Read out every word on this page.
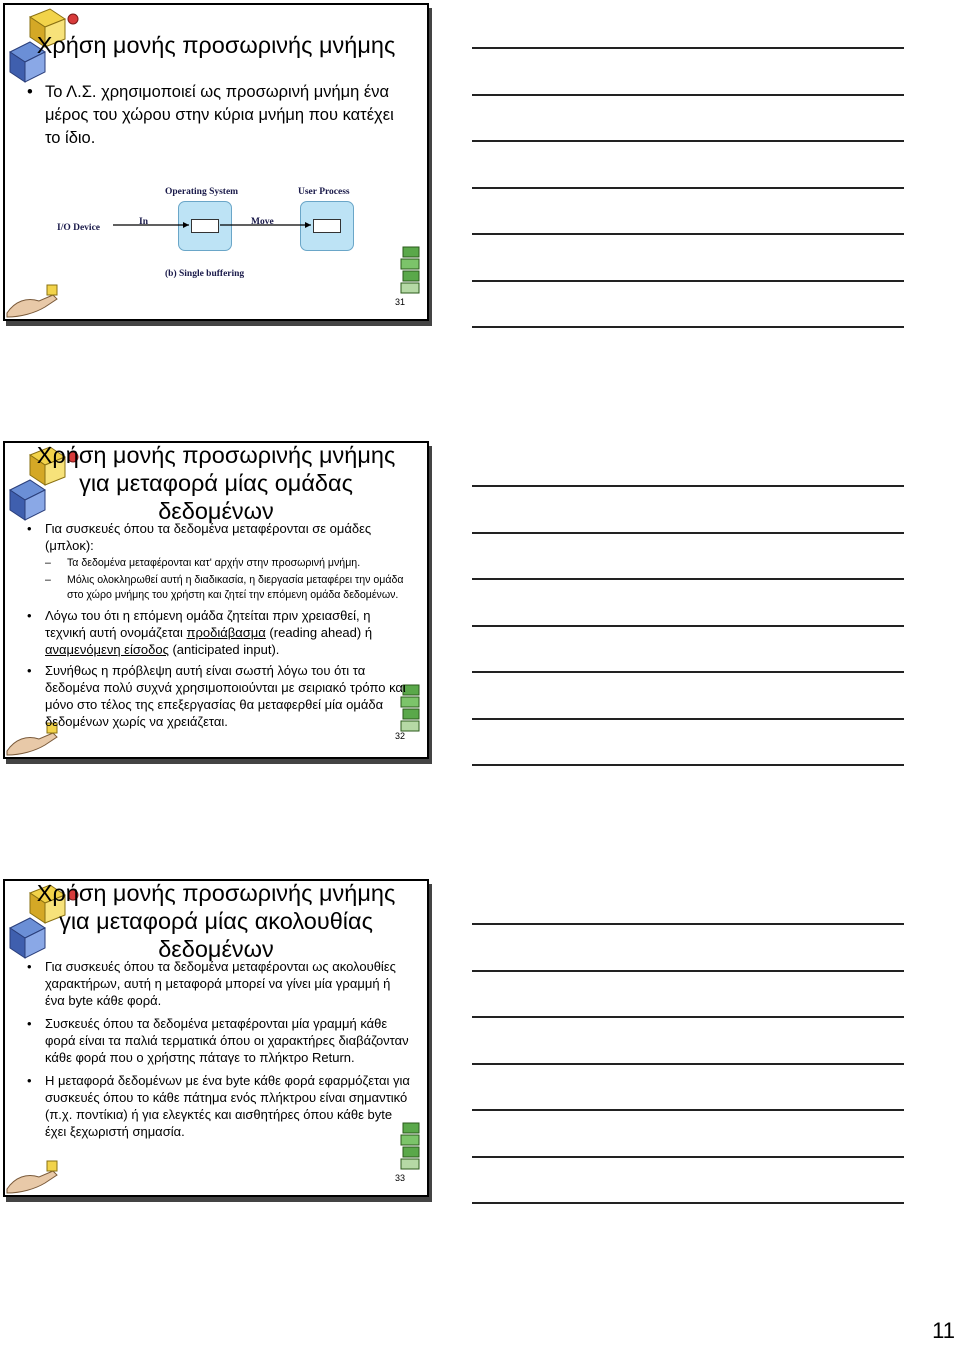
Χρήση μονής προσωρινής μνήμης
• Το Λ.Σ. χρησιμοποιεί ως προσωρινή μνήμη ένα μέρος του χώρου στην κύρια μνήμη που κατέχει το ίδιο.
Operating System	User Process
I/O Device
In	Move
(b) Single buffering
31
Χρήση μονής προσωρινής μνήμης
για μεταφορά μίας ομάδας
δεδομένων
• Για συσκευές όπου τα δεδομένα μεταφέρονται σε ομάδες (μπλοκ):
– Τα δεδομένα μεταφέρονται κατ' αρχήν στην προσωρινή μνήμη.
– Μόλις ολοκληρωθεί αυτή η διαδικασία, η διεργασία μεταφέρει την ομάδα στο χώρο μνήμης του χρήστη και ζητεί την επόμενη ομάδα δεδομένων.
• Λόγω του ότι η επόμενη ομάδα ζητείται πριν χρειασθεί, η τεχνική αυτή ονομάζεται προδιάβασμα (reading ahead) ή αναμενόμενη είσοδος (anticipated input).
• Συνήθως η πρόβλεψη αυτή είναι σωστή λόγω του ότι τα δεδομένα πολύ συχνά χρησιμοποιούνται με σειριακό τρόπο και μόνο στο τέλος της επεξεργασίας θα μεταφερθεί μία ομάδα δεδομένων χωρίς να χρειάζεται.
32
Χρήση μονής προσωρινής μνήμης
για μεταφορά μίας ακολουθίας
δεδομένων
• Για συσκευές όπου τα δεδομένα μεταφέρονται ως ακολουθίες χαρακτήρων, αυτή η μεταφορά μπορεί να γίνει μία γραμμή ή ένα byte κάθε φορά.
• Συσκευές όπου τα δεδομένα μεταφέρονται μία γραμμή κάθε φορά είναι τα παλιά τερματικά όπου οι χαρακτήρες διαβάζονταν κάθε φορά που ο χρήστης πάταγε το πλήκτρο Return.
• Η μεταφορά δεδομένων με ένα byte κάθε φορά εφαρμόζεται για συσκευές όπου το κάθε πάτημα ενός πλήκτρου είναι σημαντικό (π.χ. ποντίκια) ή για ελεγκτές και αισθητήρες όπου κάθε byte έχει ξεχωριστή σημασία.
33
11
